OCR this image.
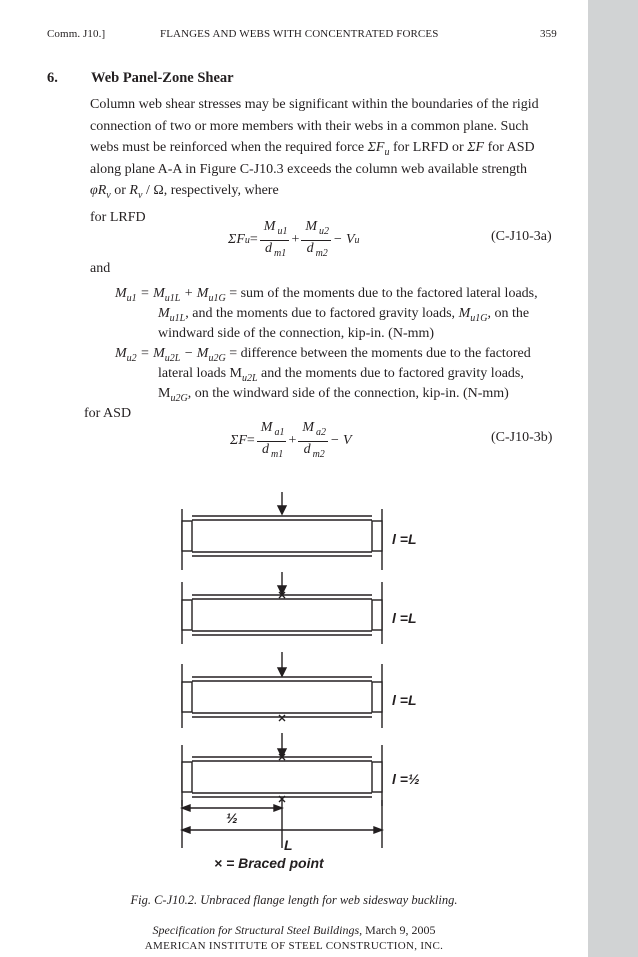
Comm. J10.]	FLANGES AND WEBS WITH CONCENTRATED FORCES	359
6. Web Panel-Zone Shear
Column web shear stresses may be significant within the boundaries of the rigid
connection of two or more members with their webs in a common plane. Such
webs must be reinforced when the required force $\Sigma F_u$ for LRFD or ΣF for ASD
along plane A-A in Figure C-J10.3 exceeds the column web available strength
$\varphi R_v$ or $R_v$ / Ω, respectively, where
for LRFD
ΣF $u = \frac{M _{u1}}{d _{m1}} + \frac{M _{u2}}{d _{m2}} - V$ u	(C-J10-3a)
and
$M_{u1} = M_{u1L} + M_{u1G}$ = sum of the moments due to the factored lateral loads,
$M_{u1L}$, and the moments due to factored gravity loads, $M_{u1G}$, on the
windward side of the connection, kip-in. (N-mm)
$M_{u2} = M_{u2L} - M_{u2G}$ = difference between the moments due to the factored
lateral loads $M_{u2L}$ and the moments due to factored gravity loads,
$M_{u2G}$, on the windward side of the connection, kip-in. (N-mm)
for ASD
$\Sigma F = \frac{M _{a1}}{d _{m1}} + \frac{M _{a2}}{d _{m2}} - V$	(C-J10-3b)
l =L
l =L
l =L
l =½
½
L
× = Braced point
Fig. C-J10.2. Unbraced flange length for web sidesway buckling.
Specification for Structural Steel Buildings, March 9, 2005
AMERICAN INSTITUTE OF STEEL CONSTRUCTION, INC.
